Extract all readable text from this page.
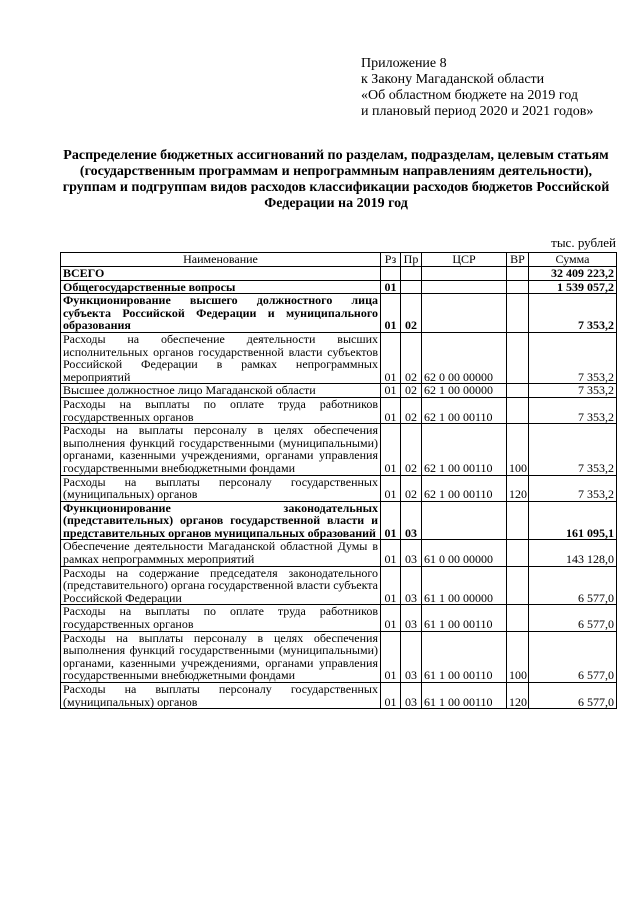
Приложение 8
к Закону Магаданской области
«Об областном бюджете на 2019 год
и плановый период 2020 и 2021 годов»
Распределение бюджетных ассигнований по разделам, подразделам, целевым статьям (государственным программам и непрограммным направлениям деятельности), группам и подгруппам видов расходов классификации расходов бюджетов Российской Федерации на 2019 год
тыс. рублей
Наименование	Рз	Пр	ЦСР	ВР	Сумма
ВСЕГО					32 409 223,2
Общегосударственные вопросы	01				1 539 057,2
Функционирование высшего должностного лица субъекта Российской Федерации и муниципального образования	01	02			7 353,2
Расходы на обеспечение деятельности высших исполнительных органов государственной власти субъектов Российской Федерации в рамках непрограммных мероприятий	01	02	62 0 00 00000		7 353,2
Высшее должностное лицо Магаданской области	01	02	62 1 00 00000		7 353,2
Расходы на выплаты по оплате труда работников государственных органов	01	02	62 1 00 00110		7 353,2
Расходы на выплаты персоналу в целях обеспечения выполнения функций государственными (муниципальными) органами, казенными учреждениями, органами управления государственными внебюджетными фондами	01	02	62 1 00 00110	100	7 353,2
Расходы на выплаты персоналу государственных (муниципальных) органов	01	02	62 1 00 00110	120	7 353,2
Функционирование законодательных (представительных) органов государственной власти и представительных органов муниципальных образований	01	03			161 095,1
Обеспечение деятельности Магаданской областной Думы в рамках непрограммных мероприятий	01	03	61 0 00 00000		143 128,0
Расходы на содержание председателя законодательного (представительного) органа государственной власти субъекта Российской Федерации	01	03	61 1 00 00000		6 577,0
Расходы на выплаты по оплате труда работников государственных органов	01	03	61 1 00 00110		6 577,0
Расходы на выплаты персоналу в целях обеспечения выполнения функций государственными (муниципальными) органами, казенными учреждениями, органами управления государственными внебюджетными фондами	01	03	61 1 00 00110	100	6 577,0
Расходы на выплаты персоналу государственных (муниципальных) органов	01	03	61 1 00 00110	120	6 577,0
